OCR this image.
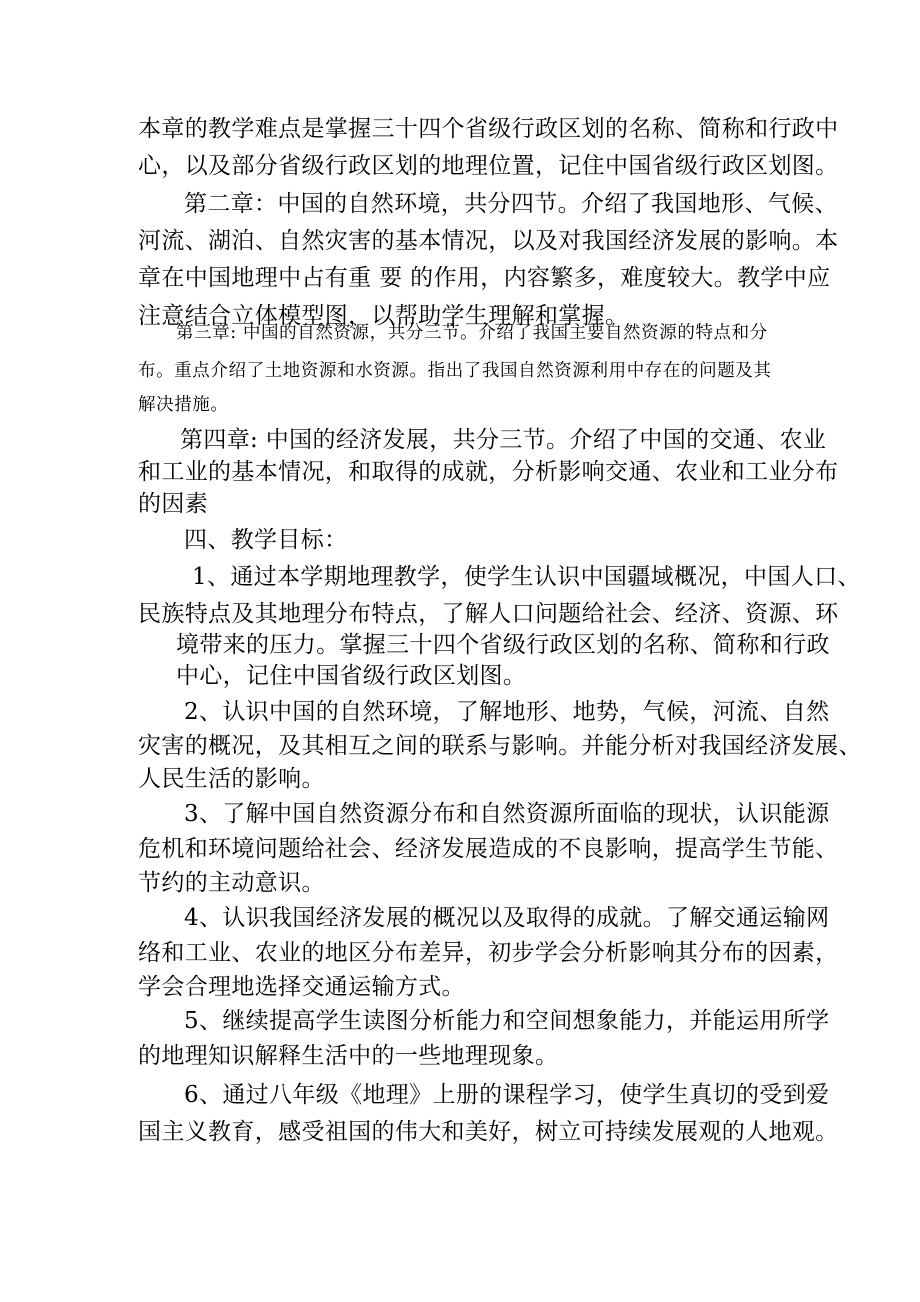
本章的教学难点是掌握三十四个省级行政区划的名称、简称和行政中

心，以及部分省级行政区划的地理位置，记住中国省级行政区划图。

第二章：中国的自然环境，共分四节。介绍了我国地形、气候、

河流、湖泊、自然灾害的基本情况，以及对我国经济发展的影响。本

章在中国地理中占有重 要 的作用，内容繁多，难度较大。教学中应

注意结合立体模型图，以帮助学生理解和掌握。

第三章: 中国的自然资源，共分三节。介绍了我国主要自然资源的特点和分

布。重点介绍了土地资源和水资源。指出了我国自然资源利用中存在的问题及其

解决措施。

第四章: 中国的经济发展，共分三节。介绍了中国的交通、农业

和工业的基本情况，和取得的成就，分析影响交通、农业和工业分布

的因素

四、教学目标：

1、通过本学期地理教学，使学生认识中国疆域概况，中国人口、

民族特点及其地理分布特点，了解人口问题给社会、经济、资源、环

境带来的压力。掌握三十四个省级行政区划的名称、简称和行政

中心，记住中国省级行政区划图。

2、认识中国的自然环境，了解地形、地势，气候，河流、自然

灾害的概况，及其相互之间的联系与影响。并能分析对我国经济发展、

人民生活的影响。

3、了解中国自然资源分布和自然资源所面临的现状，认识能源

危机和环境问题给社会、经济发展造成的不良影响，提高学生节能、

节约的主动意识。

4、认识我国经济发展的概况以及取得的成就。了解交通运输网

络和工业、农业的地区分布差异，初步学会分析影响其分布的因素，

学会合理地选择交通运输方式。

5、继续提高学生读图分析能力和空间想象能力，并能运用所学

的地理知识解释生活中的一些地理现象。

6、通过八年级《地理》上册的课程学习，使学生真切的受到爱

国主义教育，感受祖国的伟大和美好，树立可持续发展观的人地观。
